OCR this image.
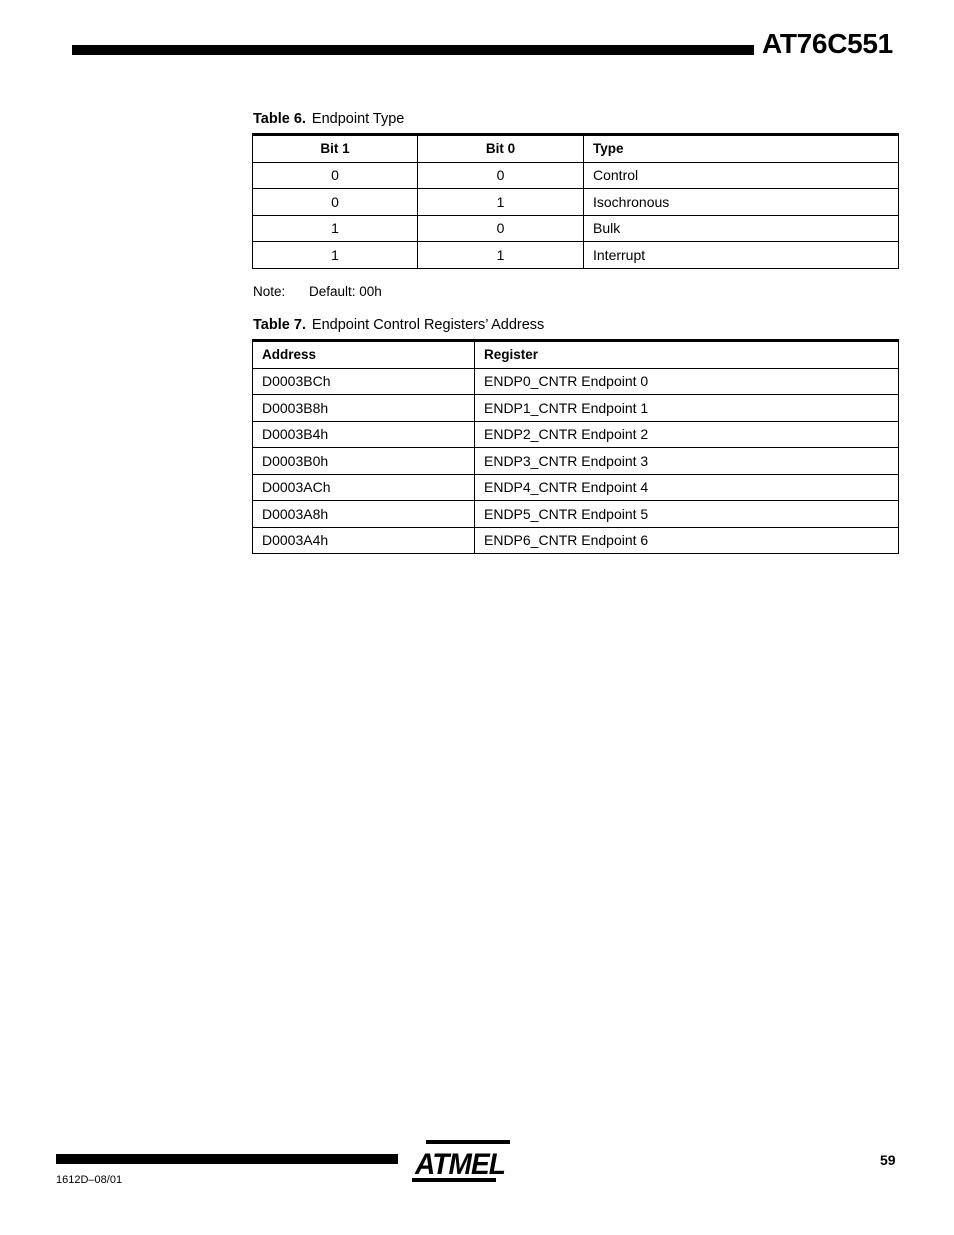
AT76C551
Table 6. Endpoint Type
Bit 1	Bit 0	Type
0	0	Control
0	1	Isochronous
1	0	Bulk
1	1	Interrupt
Note: Default: 00h
Table 7. Endpoint Control Registers’ Address
Address	Register
D0003BCh	ENDP0_CNTR Endpoint 0
D0003B8h	ENDP1_CNTR Endpoint 1
D0003B4h	ENDP2_CNTR Endpoint 2
D0003B0h	ENDP3_CNTR Endpoint 3
D0003ACh	ENDP4_CNTR Endpoint 4
D0003A8h	ENDP5_CNTR Endpoint 5
D0003A4h	ENDP6_CNTR Endpoint 6
ATMEL	59
1612D–08/01
